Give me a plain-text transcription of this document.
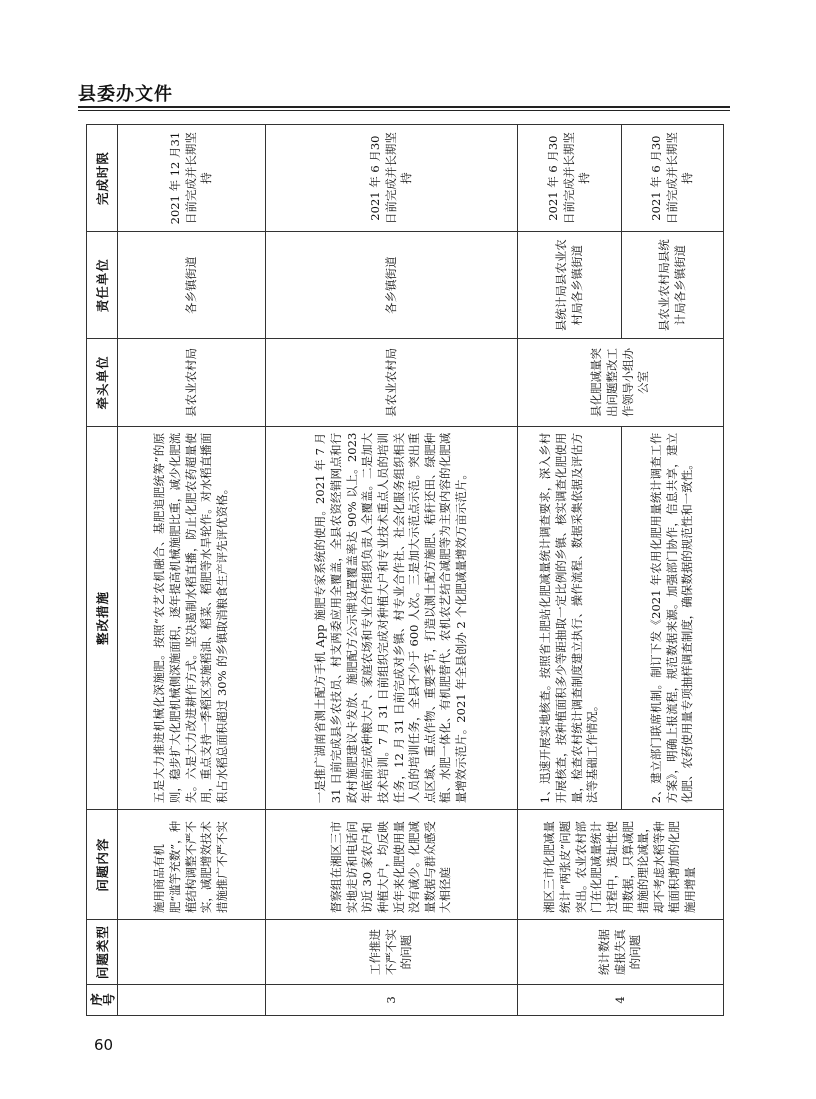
县委办文件
序号	问题类型	问题内容	整改措施	牵头单位	责任单位	完成时限
		施用商品有机肥“滥竽充数”，种植结构调整不严不实，减肥增效技术措施推广不严不实	五是大力推进机械化深施肥。按照“农艺农机融合、基肥追肥统筹”的原则，稳步扩大化肥机械侧深施面积，逐年提高机械施肥比重，减少化肥流失。六是大力改进耕作方式。坚决遏制水稻直播，防止化肥农药超量使用，重点支持一季稻区实施稻油、稻菜、稻肥等水旱轮作。对水稻直播面积占水稻总面积超过 30% 的乡镇取消粮食生产评先评优资格。	县农业农村局	各乡镇街道	2021 年 12 月31 日前完成并长期坚持
3	工作推进不严不实的问题	督察组在湘区三市实地走访和电话问访近 30 家农户和种植大户，均反映近年来化肥使用量没有减少。化肥减量数据与群众感受大相径庭	一是推广湖南省测土配方手机 App 施肥专家系统的使用。2021 年 7 月 31 日前完成县乡农技员、村支两委应用全覆盖，全县农资经销网点和行政村施肥建议卡发放、施肥配方公示牌设置覆盖率达 90% 以上。2023 年底前完成种粮大户、家庭农场和专业合作组织负责人全覆盖。二是加大技术培训。7 月 31 日前组织完成对种植大户和专业技术重点人员的培训任务，12 月 31 日前完成对乡镇、村专业合作社、社会化服务组织相关人员的培训任务，全县不少于 600 人次。三是加大示范点示范。突出重点区域、重点作物、重要季节，打造以测土配方施肥、秸秆还田、绿肥种植、水肥一体化、有机肥替代、农机农艺结合减肥等为主要内容的化肥减量增效示范片。2021 年全县创办 2 个化肥减量增效万亩示范片。	县农业农村局	各乡镇街道	2021 年 6 月30 日前完成并长期坚持
4	统计数据虚报失真的问题	湘区三市化肥减量统计“两张皮”问题突出。农业农村部门在化肥减量统计过程中，选址性使用数据，只算减肥措施的理论减量，却不考虑水稻等种植面积增加的化肥施用增量	1、迅速开展实地核查。按照省土肥站化肥减量统计调查要求，深入乡村开展核查，按种植面积多少等距抽取一定比例的乡镇、核实调查化肥使用量，检查农村统计调查制度建立执行、操作流程、数据采集依据及评估方法等基础工作情况。	县化肥减量突出问题整改工作领导小组办公室	县统计局县农业农村局各乡镇街道	2021 年 6 月30 日前完成并长期坚持
			2、建立部门联席机制。制订下发《2021 年农用化肥用量统计调查工作方案》，明确上报流程，规范数据来源。加强部门协作，信息共享，建立化肥、农药使用量专项抽样调查制度，确保数据的规范性和一致性。		县农业农村局县统计局各乡镇街道	2021 年 6 月30 日前完成并长期坚持
60
